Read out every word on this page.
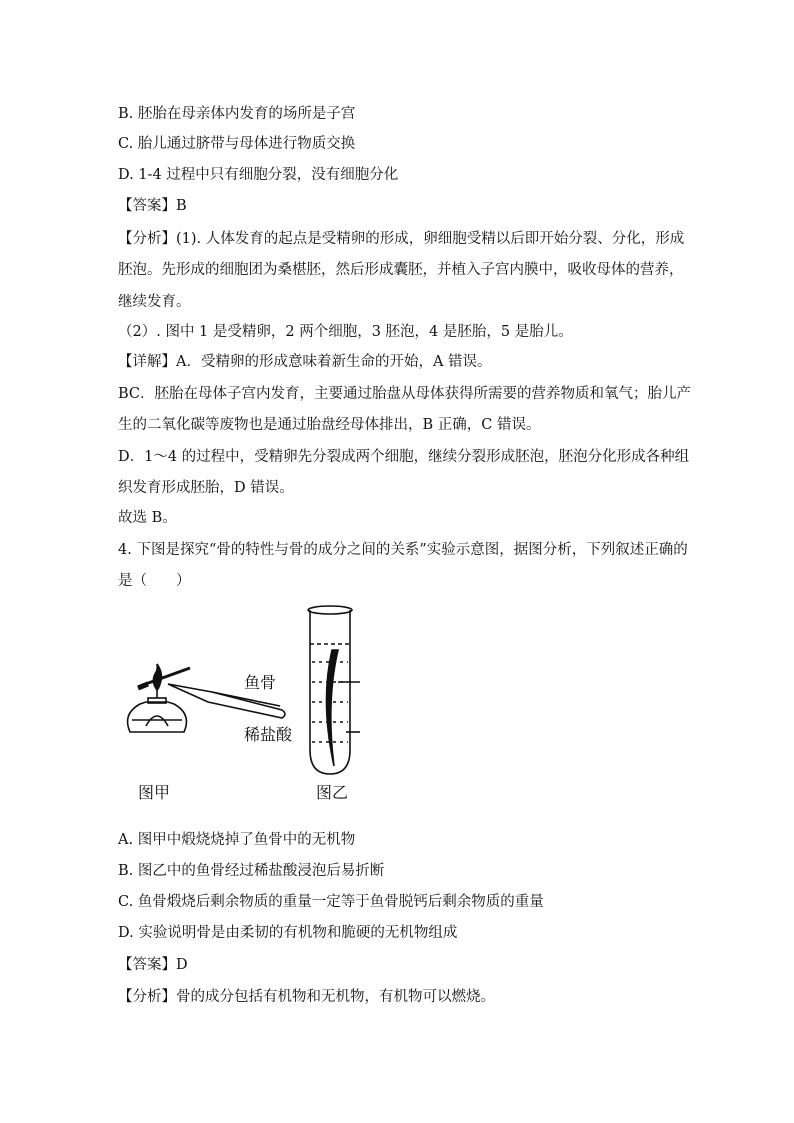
B. 胚胎在母亲体内发育的场所是子宫
C. 胎儿通过脐带与母体进行物质交换
D. 1-4 过程中只有细胞分裂，没有细胞分化
【答案】B
【分析】(1). 人体发育的起点是受精卵的形成，卵细胞受精以后即开始分裂、分化，形成
胚泡。先形成的细胞团为桑椹胚，然后形成囊胚，并植入子宫内膜中，吸收母体的营养，
继续发育。
（2）. 图中 1 是受精卵，2 两个细胞，3 胚泡，4 是胚胎，5 是胎儿。
【详解】A．受精卵的形成意味着新生命的开始，A 错误。
BC．胚胎在母体子宫内发育，主要通过胎盘从母体获得所需要的营养物质和氧气；胎儿产
生的二氧化碳等废物也是通过胎盘经母体排出，B 正确，C 错误。
D．1～4 的过程中，受精卵先分裂成两个细胞，继续分裂形成胚泡，胚泡分化形成各种组
织发育形成胚胎，D 错误。
故选 B。
4. 下图是探究“骨的特性与骨的成分之间的关系”实验示意图，据图分析，下列叙述正确的
是（　　）
鱼骨
稀盐酸
图甲	图乙
A. 图甲中煅烧烧掉了鱼骨中的无机物
B. 图乙中的鱼骨经过稀盐酸浸泡后易折断
C. 鱼骨煅烧后剩余物质的重量一定等于鱼骨脱钙后剩余物质的重量
D. 实验说明骨是由柔韧的有机物和脆硬的无机物组成
【答案】D
【分析】骨的成分包括有机物和无机物，有机物可以燃烧。
